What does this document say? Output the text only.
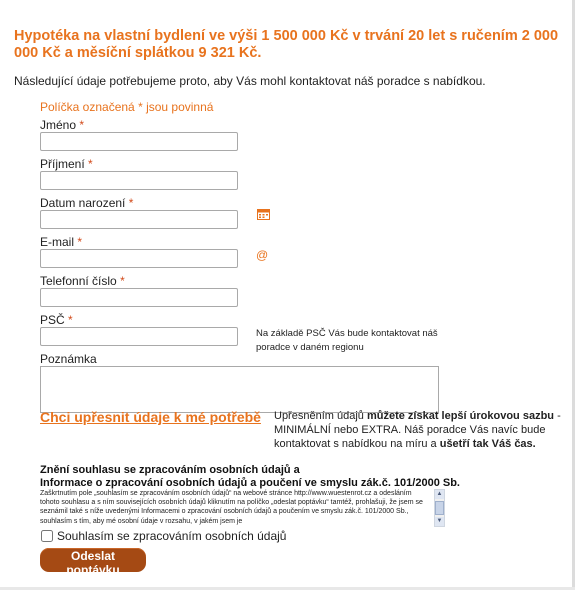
Hypotéka na vlastní bydlení ve výši 1 500 000 Kč v trvání 20 let s ručením 2 000 000 Kč a měsíční splátkou 9 321 Kč.
Následující údaje potřebujeme proto, aby Vás mohl kontaktovat náš poradce s nabídkou.
Políčka označená * jsou povinná
Jméno *
Příjmení *
Datum narození *
E-mail *
@
Telefonní číslo *
PSČ *
Na základě PSČ Vás bude kontaktovat náš poradce v daném regionu
Poznámka
Chci upřesnit údaje k mé potřebě Upřesněním údajů můžete získat lepší úrokovou sazbu - MINIMÁLNÍ nebo EXTRA. Náš poradce Vás navíc bude kontaktovat s nabídkou na míru a ušetří tak Váš čas.
Znění souhlasu se zpracováním osobních údajů a
Informace o zpracování osobních údajů a poučení ve smyslu zák.č. 101/2000 Sb.
Zaškrtnutím pole „souhlasím se zpracováním osobních údajů“ na webové stránce http://www.wuestenrot.cz a odesláním tohoto souhlasu a s ním souvisejících osobních údajů kliknutím na políčko „odeslat poptávku“ tamtéž, prohlašuji, že jsem se seznámil také s níže uvedenými Informacemi o zpracování osobních údajů a poučením ve smyslu zák.č. 101/2000 Sb., souhlasím s tím, aby mé osobní údaje v rozsahu, v jakém jsem je
▲
▼
Souhlasím se zpracováním osobních údajů
Odeslat poptávku
